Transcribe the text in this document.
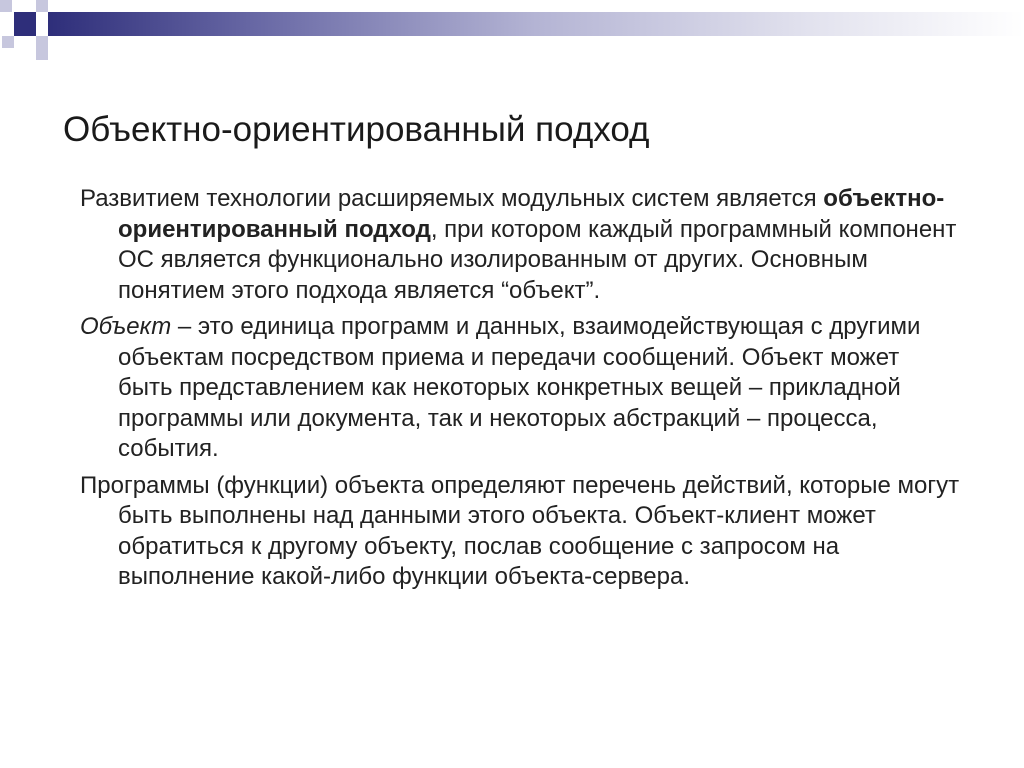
Объектно-ориентированный подход

Развитием технологии расширяемых модульных систем является объектно-ориентированный подход, при котором каждый программный компонент ОС является функционально изолированным от других. Основным понятием этого подхода является “объект”.

Объект – это единица программ и данных, взаимодействующая с другими объектам посредством приема и передачи сообщений. Объект может быть представлением как некоторых конкретных вещей – прикладной программы или документа, так и некоторых абстракций – процесса, события.

Программы (функции) объекта определяют перечень действий, которые могут быть выполнены над данными этого объекта. Объект-клиент может обратиться к другому объекту, послав сообщение с запросом на выполнение какой-либо функции объекта-сервера.
